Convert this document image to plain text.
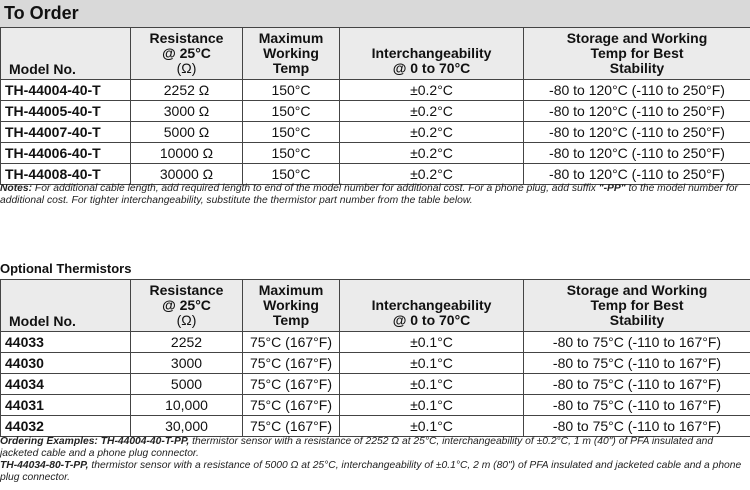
To Order
Model No.	Resistance
@ 25°C
(Ω)	Maximum
Working
Temp	Interchangeability
@ 0 to 70°C	Storage and Working
Temp for Best
Stability
TH-44004-40-T	2252 Ω	150°C	±0.2°C	-80 to 120°C (-110 to 250°F)
TH-44005-40-T	3000 Ω	150°C	±0.2°C	-80 to 120°C (-110 to 250°F)
TH-44007-40-T	5000 Ω	150°C	±0.2°C	-80 to 120°C (-110 to 250°F)
TH-44006-40-T	10000 Ω	150°C	±0.2°C	-80 to 120°C (-110 to 250°F)
TH-44008-40-T	30000 Ω	150°C	±0.2°C	-80 to 120°C (-110 to 250°F)
Notes: For additional cable length, add required length to end of the model number for additional cost. For a phone plug, add suffix "-PP" to the model number for additional cost. For tighter interchangeability, substitute the thermistor part number from the table below.
Optional Thermistors
Model No.	Resistance
@ 25°C
(Ω)	Maximum
Working
Temp	Interchangeability
@ 0 to 70°C	Storage and Working
Temp for Best
Stability
44033	2252	75°C (167°F)	±0.1°C	-80 to 75°C (-110 to 167°F)
44030	3000	75°C (167°F)	±0.1°C	-80 to 75°C (-110 to 167°F)
44034	5000	75°C (167°F)	±0.1°C	-80 to 75°C (-110 to 167°F)
44031	10,000	75°C (167°F)	±0.1°C	-80 to 75°C (-110 to 167°F)
44032	30,000	75°C (167°F)	±0.1°C	-80 to 75°C (-110 to 167°F)
Ordering Examples: TH-44004-40-T-PP, thermistor sensor with a resistance of 2252 Ω at 25°C, interchangeability of ±0.2°C, 1 m (40") of PFA insulated and jacketed cable and a phone plug connector.
TH-44034-80-T-PP, thermistor sensor with a resistance of 5000 Ω at 25°C, interchangeability of ±0.1°C, 2 m (80") of PFA insulated and jacketed cable and a phone plug connector.
